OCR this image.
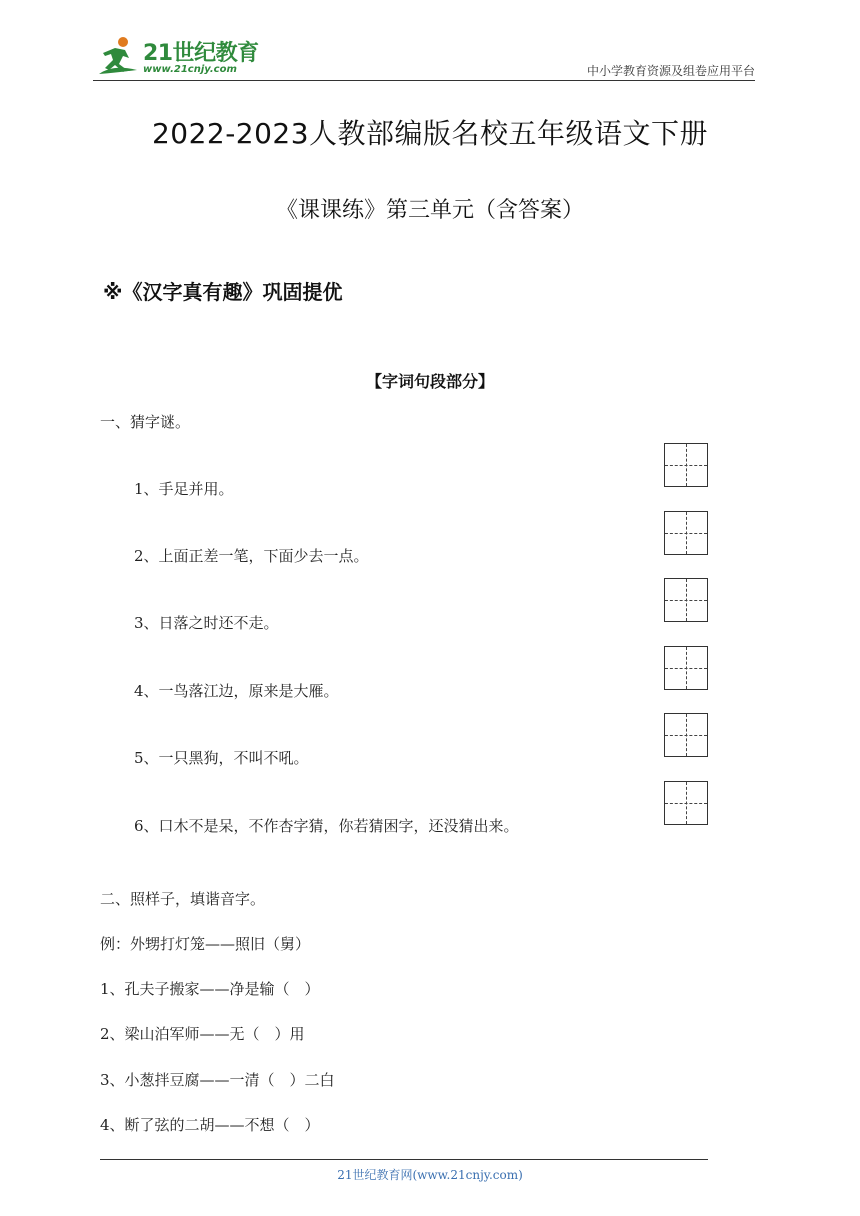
21世纪教育
www.21cnjy.com	中小学教育资源及组卷应用平台
2022-2023人教部编版名校五年级语文下册
《课课练》第三单元（含答案）
※《汉字真有趣》巩固提优
【字词句段部分】
一、猜字谜。
1、手足并用。
2、上面正差一笔，下面少去一点。
3、日落之时还不走。
4、一鸟落江边，原来是大雁。
5、一只黑狗，不叫不吼。
6、口木不是呆，不作杏字猜，你若猜困字，还没猜出来。
二、照样子，填谐音字。
例：外甥打灯笼——照旧（舅）
1、孔夫子搬家——净是输（　）
2、梁山泊军师——无（　）用
3、小葱拌豆腐——一清（　）二白
4、断了弦的二胡——不想（　）
21世纪教育网(www.21cnjy.com)
